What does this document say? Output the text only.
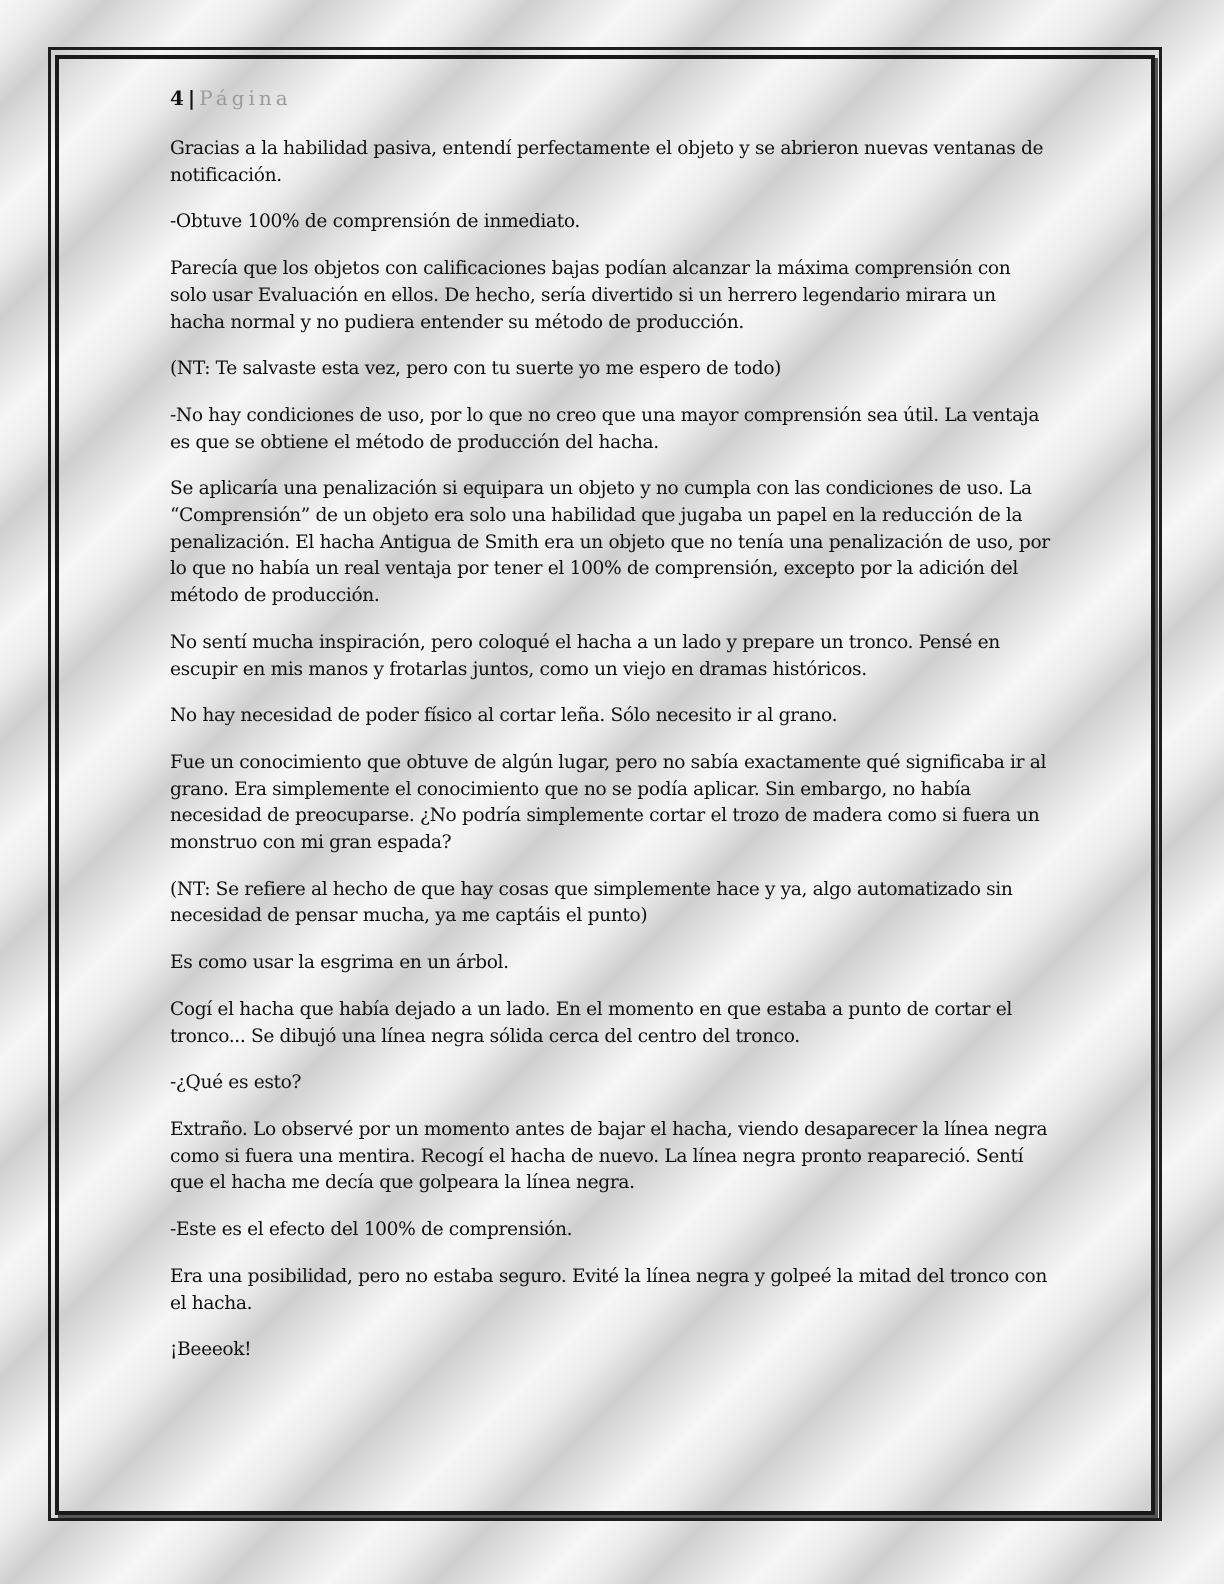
4 | Página

Gracias a la habilidad pasiva, entendí perfectamente el objeto y se abrieron nuevas ventanas de notificación.

-Obtuve 100% de comprensión de inmediato.

Parecía que los objetos con calificaciones bajas podían alcanzar la máxima comprensión con solo usar Evaluación en ellos. De hecho, sería divertido si un herrero legendario mirara un hacha normal y no pudiera entender su método de producción.

(NT: Te salvaste esta vez, pero con tu suerte yo me espero de todo)

-No hay condiciones de uso, por lo que no creo que una mayor comprensión sea útil. La ventaja es que se obtiene el método de producción del hacha.

Se aplicaría una penalización si equipara un objeto y no cumpla con las condiciones de uso. La “Comprensión” de un objeto era solo una habilidad que jugaba un papel en la reducción de la penalización. El hacha Antigua de Smith era un objeto que no tenía una penalización de uso, por lo que no había un real ventaja por tener el 100% de comprensión, excepto por la adición del método de producción.

No sentí mucha inspiración, pero coloqué el hacha a un lado y prepare un tronco. Pensé en escupir en mis manos y frotarlas juntos, como un viejo en dramas históricos.

No hay necesidad de poder físico al cortar leña. Sólo necesito ir al grano.

Fue un conocimiento que obtuve de algún lugar, pero no sabía exactamente qué significaba ir al grano. Era simplemente el conocimiento que no se podía aplicar. Sin embargo, no había necesidad de preocuparse. ¿No podría simplemente cortar el trozo de madera como si fuera un monstruo con mi gran espada?

(NT: Se refiere al hecho de que hay cosas que simplemente hace y ya, algo automatizado sin necesidad de pensar mucha, ya me captáis el punto)

Es como usar la esgrima en un árbol.

Cogí el hacha que había dejado a un lado. En el momento en que estaba a punto de cortar el tronco... Se dibujó una línea negra sólida cerca del centro del tronco.

-¿Qué es esto?

Extraño. Lo observé por un momento antes de bajar el hacha, viendo desaparecer la línea negra como si fuera una mentira. Recogí el hacha de nuevo. La línea negra pronto reapareció. Sentí que el hacha me decía que golpeara la línea negra.

-Este es el efecto del 100% de comprensión.

Era una posibilidad, pero no estaba seguro. Evité la línea negra y golpeé la mitad del tronco con el hacha.

¡Beeeok!
